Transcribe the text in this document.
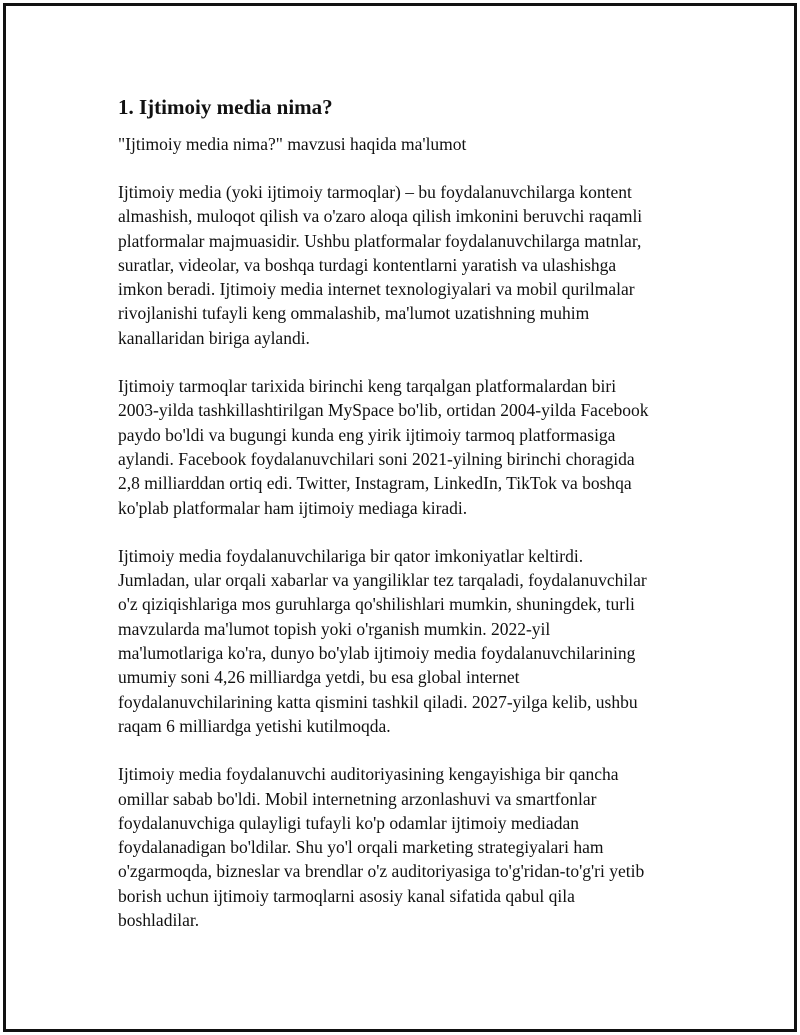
1. Ijtimoiy media nima?

"Ijtimoiy media nima?" mavzusi haqida ma'lumot

Ijtimoiy media (yoki ijtimoiy tarmoqlar) – bu foydalanuvchilarga kontent
almashish, muloqot qilish va o'zaro aloqa qilish imkonini beruvchi raqamli
platformalar majmuasidir. Ushbu platformalar foydalanuvchilarga matnlar,
suratlar, videolar, va boshqa turdagi kontentlarni yaratish va ulashishga
imkon beradi. Ijtimoiy media internet texnologiyalari va mobil qurilmalar
rivojlanishi tufayli keng ommalashib, ma'lumot uzatishning muhim
kanallaridan biriga aylandi.
Ijtimoiy tarmoqlar tarixida birinchi keng tarqalgan platformalardan biri
2003-yilda tashkillashtirilgan MySpace bo'lib, ortidan 2004-yilda Facebook
paydo bo'ldi va bugungi kunda eng yirik ijtimoiy tarmoq platformasiga
aylandi. Facebook foydalanuvchilari soni 2021-yilning birinchi choragida
2,8 milliarddan ortiq edi. Twitter, Instagram, LinkedIn, TikTok va boshqa
ko'plab platformalar ham ijtimoiy mediaga kiradi.
Ijtimoiy media foydalanuvchilariga bir qator imkoniyatlar keltirdi.
Jumladan, ular orqali xabarlar va yangiliklar tez tarqaladi, foydalanuvchilar
o'z qiziqishlariga mos guruhlarga qo'shilishlari mumkin, shuningdek, turli
mavzularda ma'lumot topish yoki o'rganish mumkin. 2022-yil
ma'lumotlariga ko'ra, dunyo bo'ylab ijtimoiy media foydalanuvchilarining
umumiy soni 4,26 milliardga yetdi, bu esa global internet
foydalanuvchilarining katta qismini tashkil qiladi. 2027-yilga kelib, ushbu
raqam 6 milliardga yetishi kutilmoqda.
Ijtimoiy media foydalanuvchi auditoriyasining kengayishiga bir qancha
omillar sabab bo'ldi. Mobil internetning arzonlashuvi va smartfonlar
foydalanuvchiga qulayligi tufayli ko'p odamlar ijtimoiy mediadan
foydalanadigan bo'ldilar. Shu yo'l orqali marketing strategiyalari ham
o'zgarmoqda, bizneslar va brendlar o'z auditoriyasiga to'g'ridan-to'g'ri yetib
borish uchun ijtimoiy tarmoqlarni asosiy kanal sifatida qabul qila
boshladilar.
